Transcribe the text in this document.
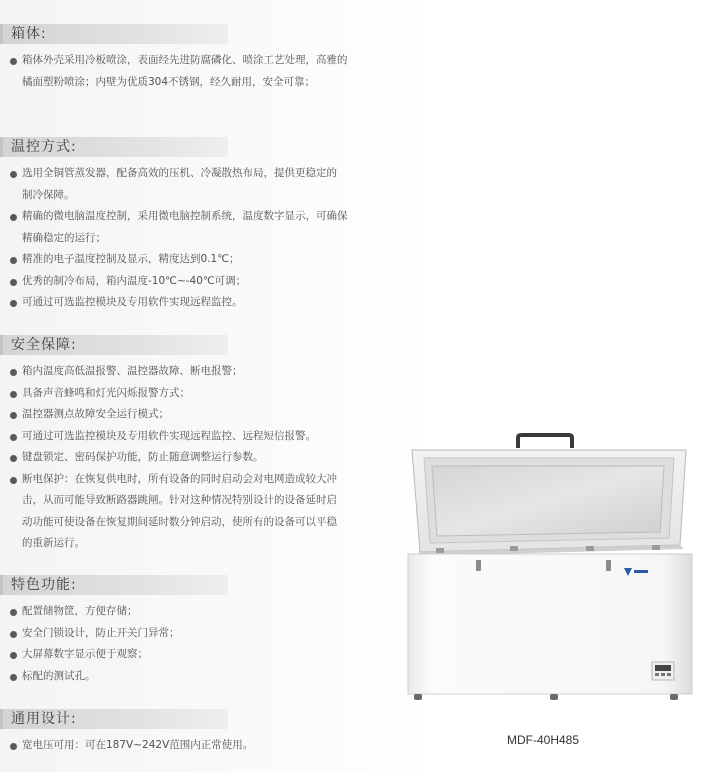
箱体:
箱体外壳采用冷板喷涂，表面经先进防腐磷化、喷涂工艺处理，高雅的橘面塑粉喷涂；内壁为优质304不锈钢，经久耐用，安全可靠；
温控方式:
选用全铜管蒸发器，配备高效的压机、冷凝散热布局，提供更稳定的制冷保障。
精确的微电脑温度控制，采用微电脑控制系统，温度数字显示，可确保精确稳定的运行；
精准的电子温度控制及显示，精度达到0.1℃；
优秀的制冷布局，箱内温度-10℃~-40℃可调；
可通过可选监控模块及专用软件实现远程监控。
安全保障:
箱内温度高低温报警、温控器故障、断电报警；
具备声音蜂鸣和灯光闪烁报警方式；
温控器测点故障安全运行模式；
可通过可选监控模块及专用软件实现远程监控、远程短信报警。
键盘锁定、密码保护功能，防止随意调整运行参数。
断电保护：在恢复供电时，所有设备的同时启动会对电网造成较大冲击，从而可能导致断路器跳闸。针对这种情况特别设计的设备延时启动功能可使设备在恢复期间延时数分钟启动，使所有的设备可以平稳的重新运行。
特色功能:
配置储物筐，方便存储；
安全门锁设计，防止开关门异常；
大屏幕数字显示便于观察；
标配的测试孔。
通用设计:
宽电压可用：可在187V~242V范围内正常使用。	MDF-40H485
